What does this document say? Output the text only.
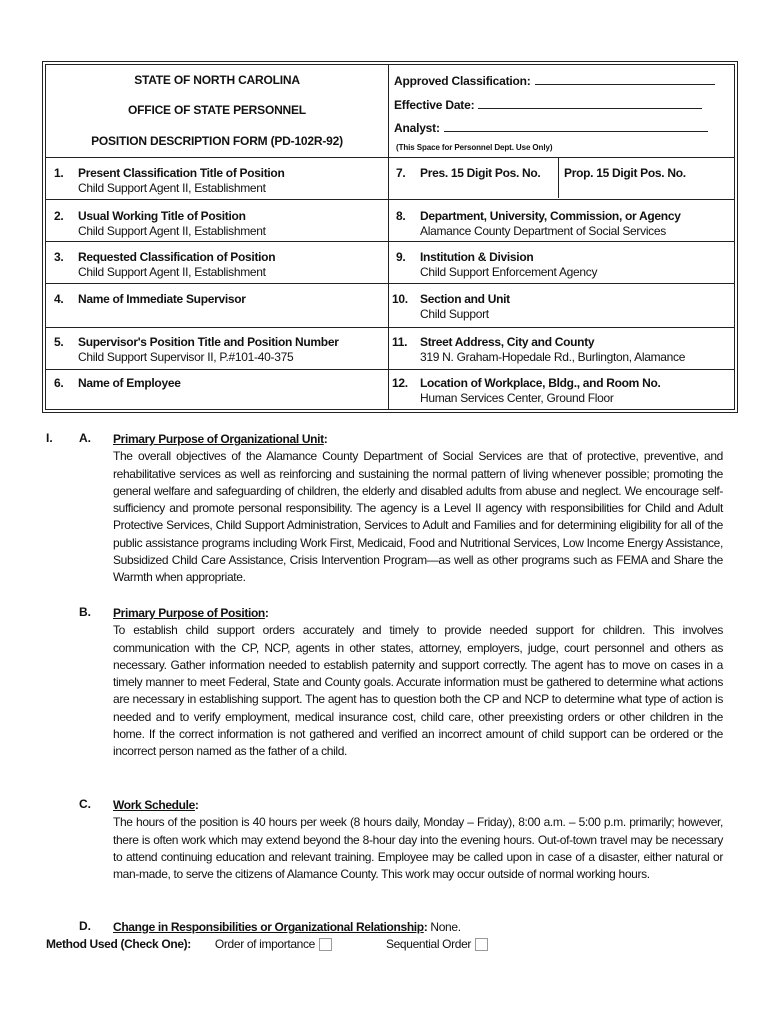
STATE OF NORTH CAROLINA
OFFICE OF STATE PERSONNEL
POSITION DESCRIPTION FORM (PD-102R-92)
Approved Classification:
Effective Date:
Analyst:
(This Space for Personnel Dept. Use Only)
1. Present Classification Title of Position
Child Support Agent II, Establishment
2. Usual Working Title of Position
Child Support Agent II, Establishment
3. Requested Classification of Position
Child Support Agent II, Establishment
4. Name of Immediate Supervisor
5. Supervisor's Position Title and Position Number
Child Support Supervisor II, P.#101-40-375
6. Name of Employee
7. Pres. 15 Digit Pos. No. Prop. 15 Digit Pos. No.
8. Department, University, Commission, or Agency
Alamance County Department of Social Services
9. Institution & Division
Child Support Enforcement Agency
10. Section and Unit
Child Support
11. Street Address, City and County
319 N. Graham-Hopedale Rd., Burlington, Alamance
12. Location of Workplace, Bldg., and Room No.
Human Services Center, Ground Floor
I. A. Primary Purpose of Organizational Unit:
The overall objectives of the Alamance County Department of Social Services are that of protective, preventive, and rehabilitative services as well as reinforcing and sustaining the normal pattern of living whenever possible; promoting the general welfare and safeguarding of children, the elderly and disabled adults from abuse and neglect. We encourage self-sufficiency and promote personal responsibility. The agency is a Level II agency with responsibilities for Child and Adult Protective Services, Child Support Administration, Services to Adult and Families and for determining eligibility for all of the public assistance programs including Work First, Medicaid, Food and Nutritional Services, Low Income Energy Assistance, Subsidized Child Care Assistance, Crisis Intervention Program—as well as other programs such as FEMA and Share the Warmth when appropriate.
B. Primary Purpose of Position:
To establish child support orders accurately and timely to provide needed support for children. This involves communication with the CP, NCP, agents in other states, attorney, employers, judge, court personnel and others as necessary. Gather information needed to establish paternity and support correctly. The agent has to move on cases in a timely manner to meet Federal, State and County goals. Accurate information must be gathered to determine what actions are necessary in establishing support. The agent has to question both the CP and NCP to determine what type of action is needed and to verify employment, medical insurance cost, child care, other preexisting orders or other children in the home. If the correct information is not gathered and verified an incorrect amount of child support can be ordered or the incorrect person named as the father of a child.
C. Work Schedule:
The hours of the position is 40 hours per week (8 hours daily, Monday – Friday), 8:00 a.m. – 5:00 p.m. primarily; however, there is often work which may extend beyond the 8-hour day into the evening hours. Out-of-town travel may be necessary to attend continuing education and relevant training. Employee may be called upon in case of a disaster, either natural or man-made, to serve the citizens of Alamance County. This work may occur outside of normal working hours.
D. Change in Responsibilities or Organizational Relationship: None.
Method Used (Check One): Order of importance	Sequential Order
